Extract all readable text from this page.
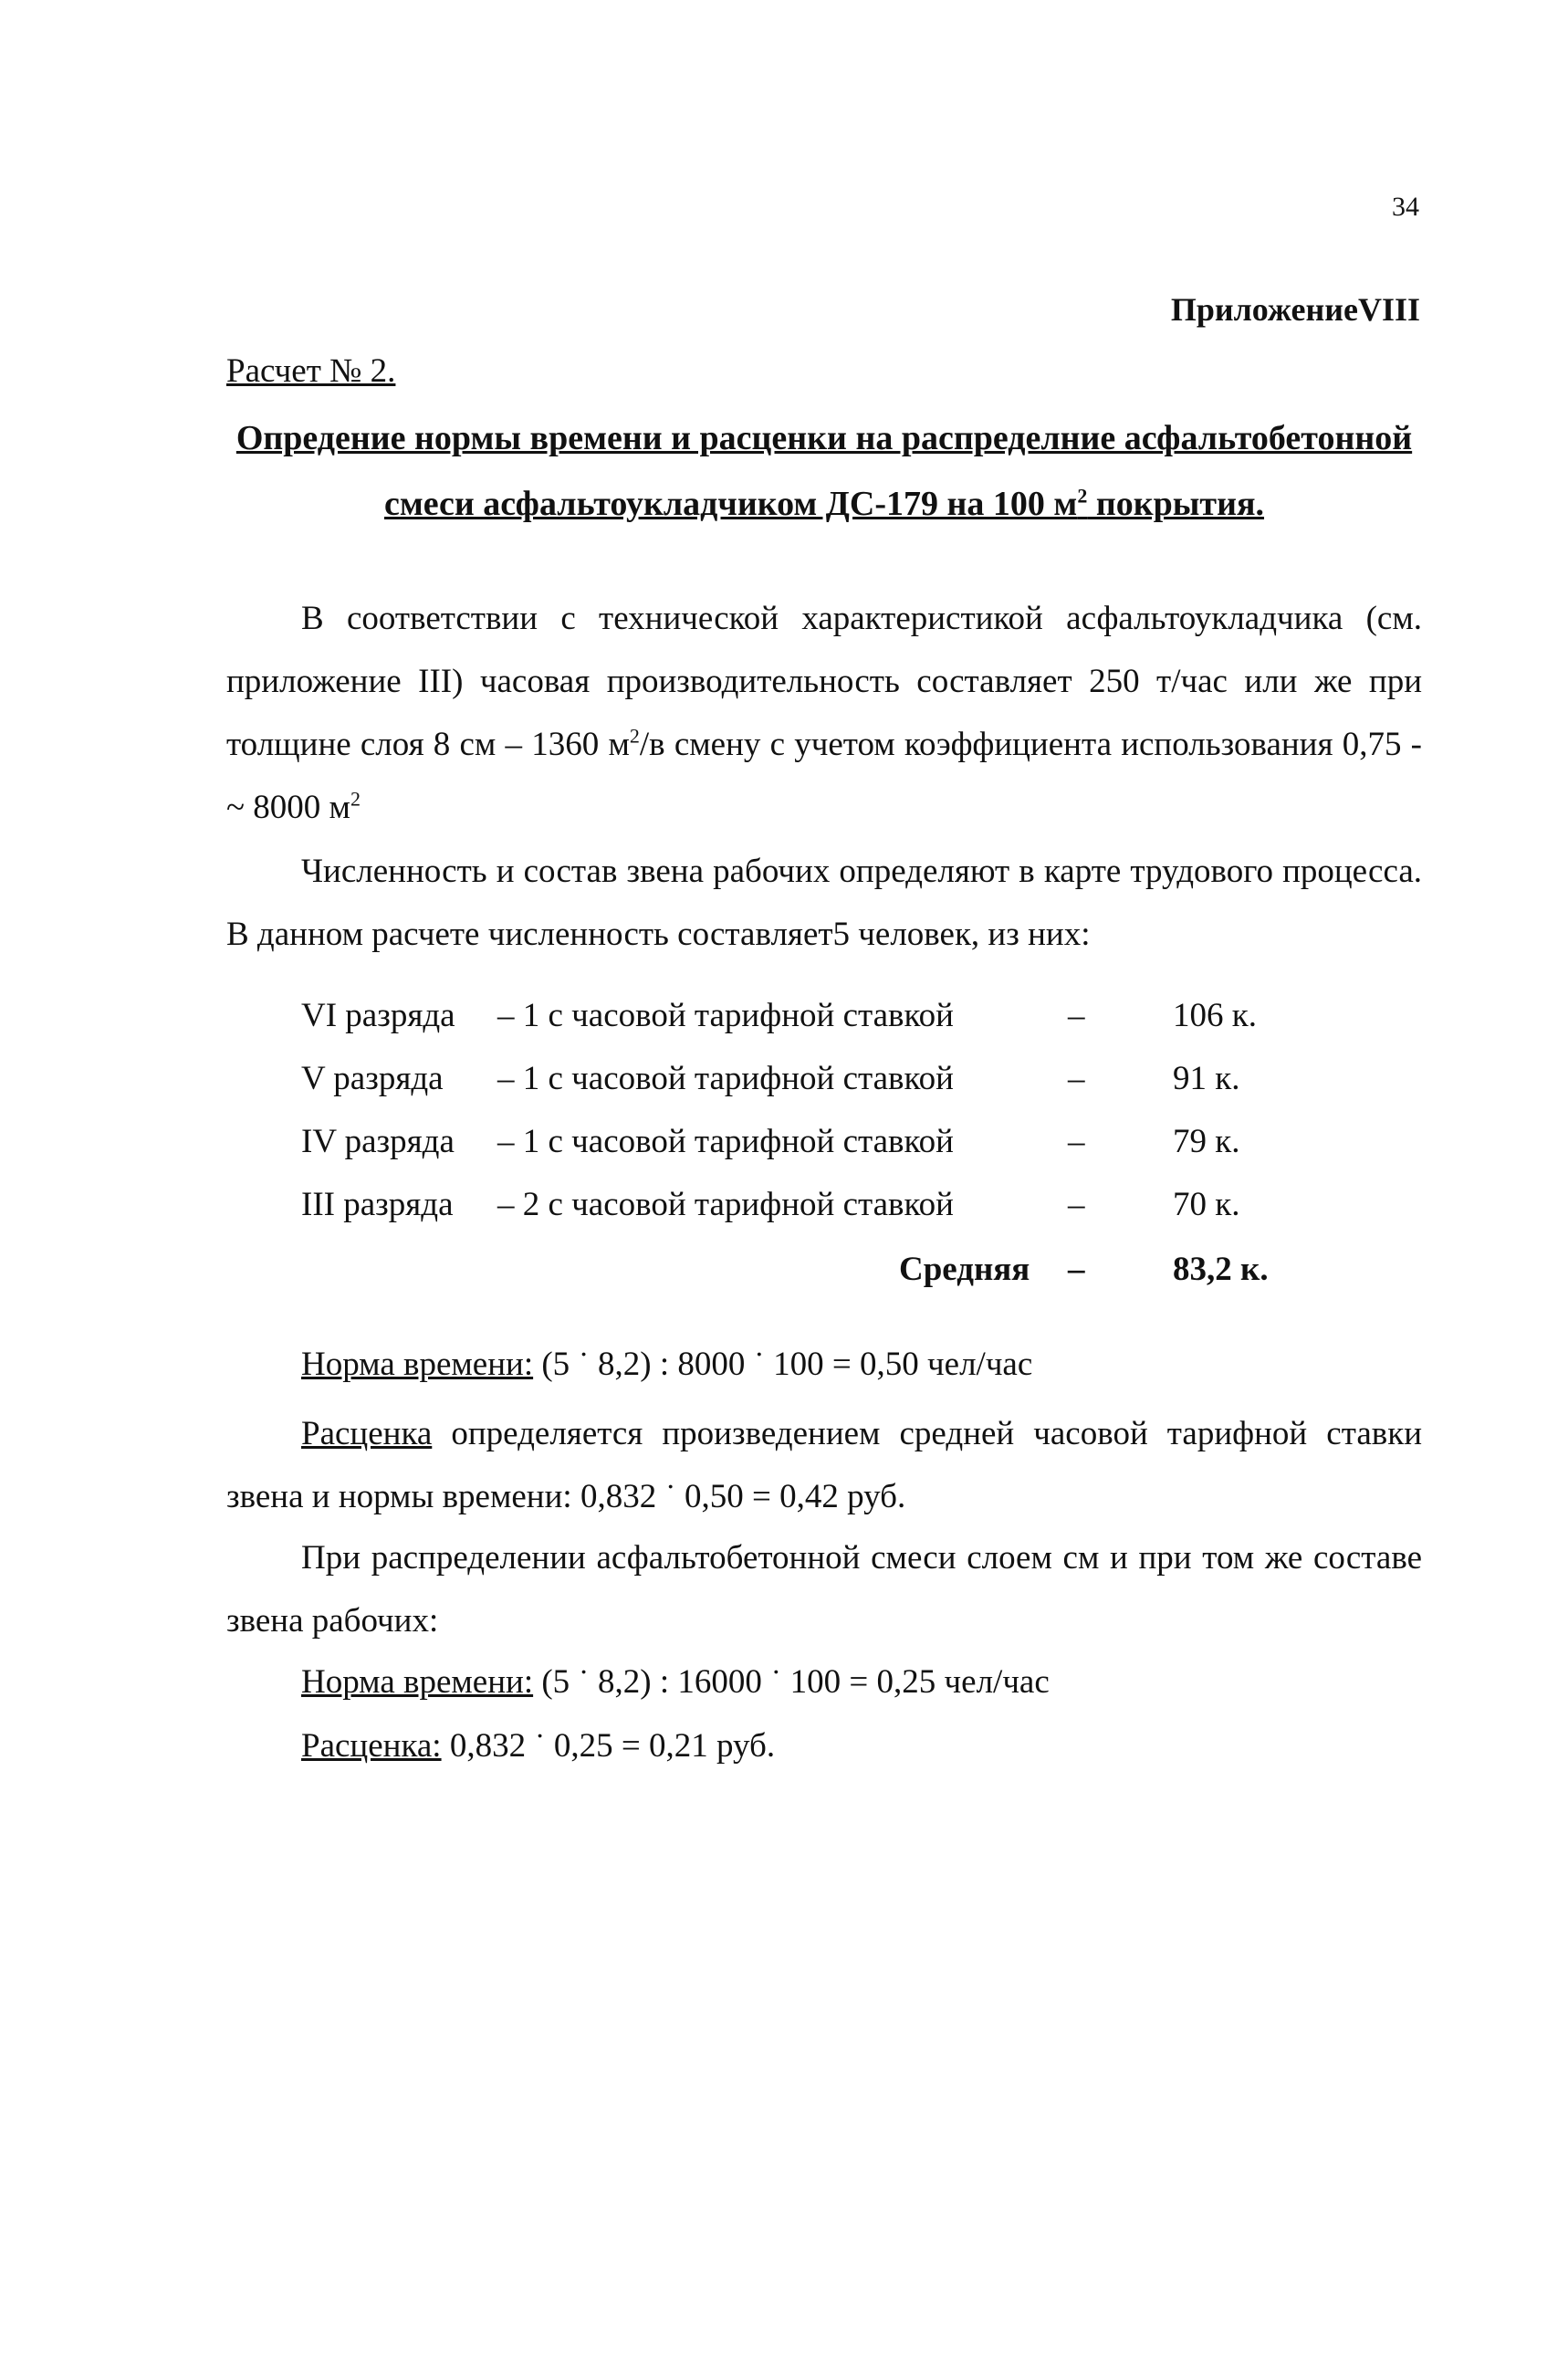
34
ПриложениеVIII
Расчет № 2.
Опредение нормы времени и расценки на распределние асфальтобетонной
смеси асфальтоукладчиком ДС-179 на 100 $м^2$ покрытия.
В соответствии с технической характеристикой асфальтоукладчика (см. приложение III) часовая производительность составляет 250 т/час или же при толщине слоя 8 см – 1360 $м^2/в$ смену с учетом коэффициента использования 0,75 - ~ 8000 $м^2$
Численность и состав звена рабочих определяют в карте трудового процесса. В данном расчете численность составляет5 человек, из них:
VI разряда – 1 с часовой тарифной ставкой	–	106 к.
V разряда – 1 с часовой тарифной ставкой	–	91 к.
IV разряда – 1 с часовой тарифной ставкой	–	79 к.
III разряда – 2 с часовой тарифной ставкой	–	70 к.
Средняя –	83,2 к.
Норма времени: (5 ˙ 8,2) : 8000 ˙ 100 = 0,50 чел/час
Расценка определяется произведением средней часовой тарифной ставки звена и нормы времени: 0,832 ˙ 0,50 = 0,42 руб.
При распределении асфальтобетонной смеси слоем см и при том же составе звена рабочих:
Норма времени: (5 ˙ 8,2) : 16000 ˙ 100 = 0,25 чел/час
Расценка: 0,832 ˙ 0,25 = 0,21 руб.
